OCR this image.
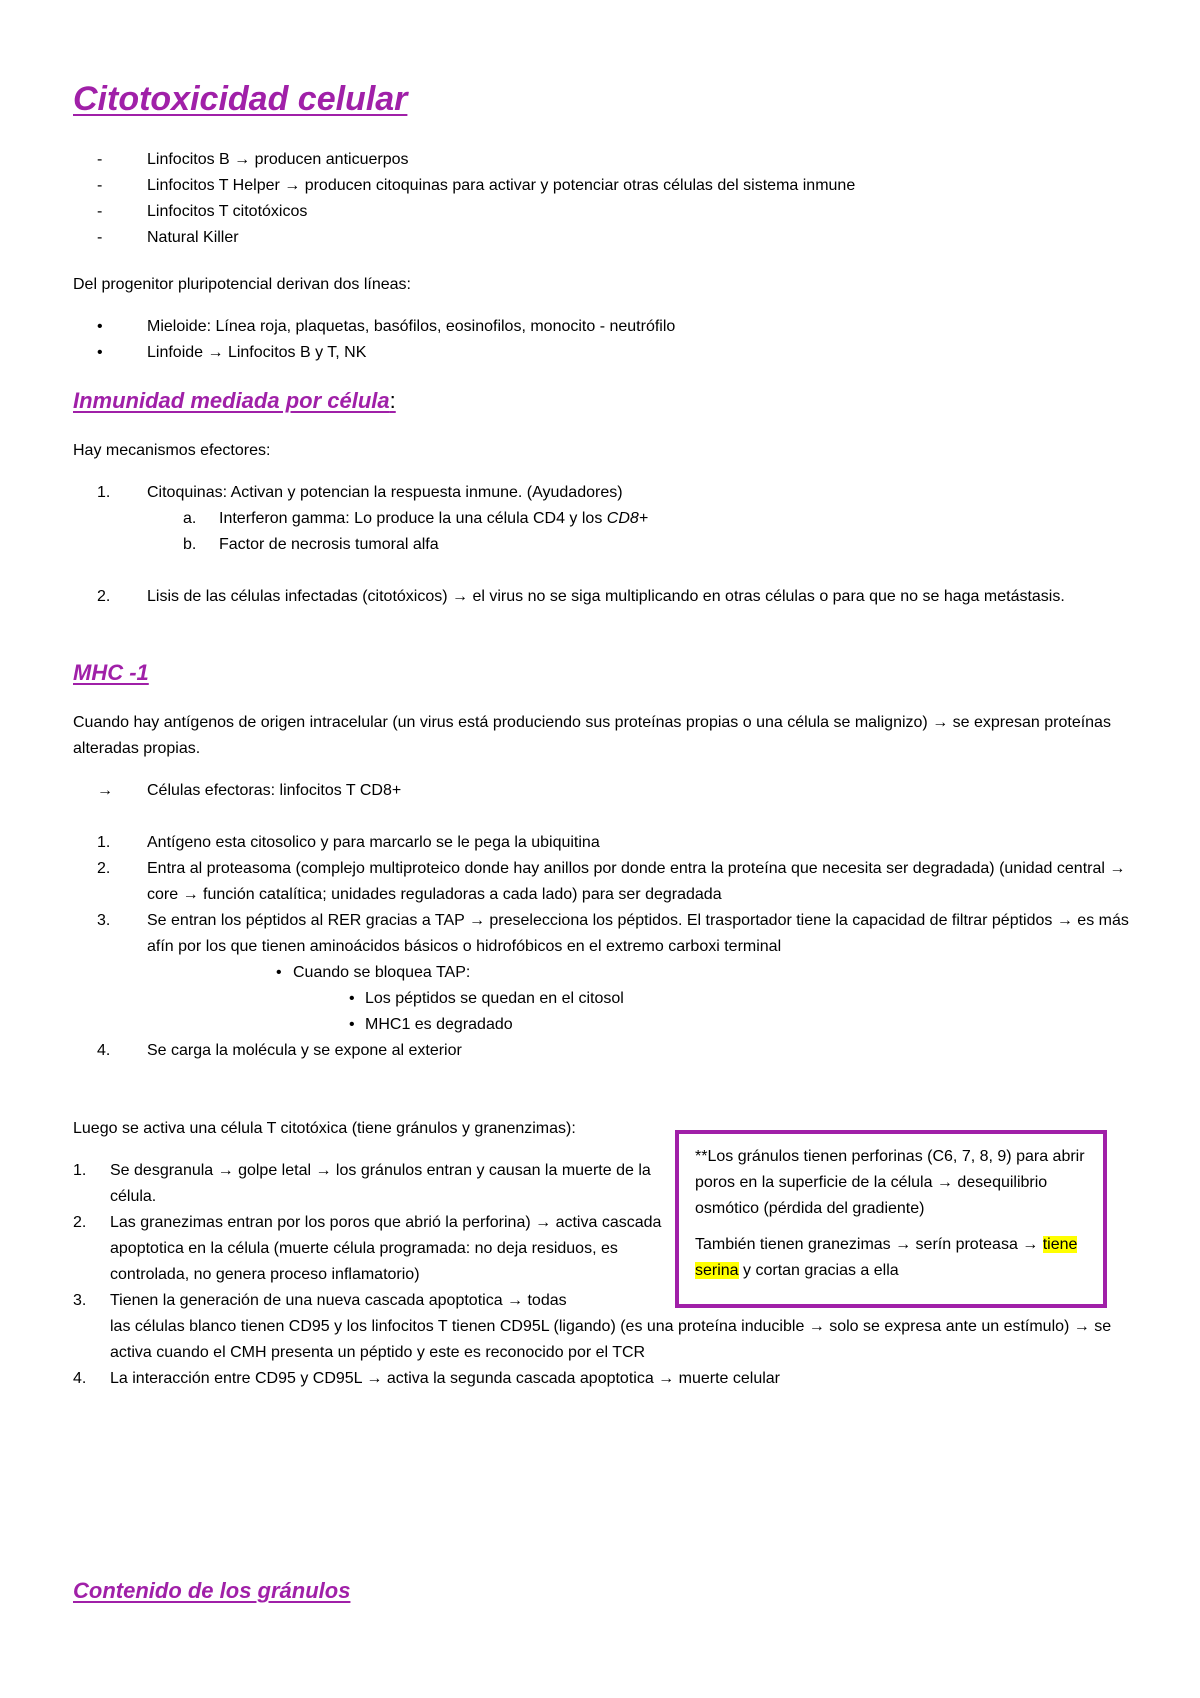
Citotoxicidad celular
-	Linfocitos B → producen anticuerpos
-	Linfocitos T Helper → producen citoquinas para activar y potenciar otras células del sistema inmune
-	Linfocitos T citotóxicos
-	Natural Killer

Del progenitor pluripotencial derivan dos líneas:

•	Mieloide: Línea roja, plaquetas, basófilos, eosinofilos, monocito - neutrófilo
•	Linfoide → Linfocitos B y T, NK
Inmunidad mediada por célula:

Hay mecanismos efectores:

1. Citoquinas: Activan y potencian la respuesta inmune. (Ayudadores)
a. Interferon gamma: Lo produce la una célula CD4 y los CD8+
b. Factor de necrosis tumoral alfa
2. Lisis de las células infectadas (citotóxicos) → el virus no se siga multiplicando en otras células o para que no se haga metástasis.
MHC -1

Cuando hay antígenos de origen intracelular (un virus está produciendo sus proteínas propias o una célula se malignizo) → se expresan proteínas alteradas propias.

→ Células efectoras: linfocitos T CD8+
1. Antígeno esta citosolico y para marcarlo se le pega la ubiquitina
2. Entra al proteasoma (complejo multiproteico donde hay anillos por donde entra la proteína que necesita ser degradada) (unidad central → core → función catalítica; unidades reguladoras a cada lado) para ser degradada
3. Se entran los péptidos al RER gracias a TAP → preselecciona los péptidos. El trasportador tiene la capacidad de filtrar péptidos → es más afín por los que tienen aminoácidos básicos o hidrofóbicos en el extremo carboxi terminal
• Cuando se bloquea TAP:
• Los péptidos se quedan en el citosol
• MHC1 es degradado
4. Se carga la molécula y se expone al exterior

Luego se activa una célula T citotóxica (tiene gránulos y granenzimas):

1. Se desgranula → golpe letal → los gránulos entran y causan la muerte de la célula.
2. Las granezimas entran por los poros que abrió la perforina) → activa cascada apoptotica en la célula (muerte célula programada: no deja residuos, es controlada, no genera proceso inflamatorio)
3. Tienen la generación de una nueva cascada apoptotica → todas

las células blanco tienen CD95 y los linfocitos T tienen CD95L (ligando) (es una proteína inducible → solo se expresa ante un estímulo) → se activa cuando el CMH presenta un péptido y este es reconocido por el TCR

4. La interacción entre CD95 y CD95L → activa la segunda cascada apoptotica → muerte celular

**Los gránulos tienen perforinas (C6, 7, 8, 9) para abrir poros en la superficie de la célula → desequilibrio osmótico (pérdida del gradiente)

También tienen granezimas → serín proteasa → tiene serina y cortan gracias a ella

Contenido de los gránulos
